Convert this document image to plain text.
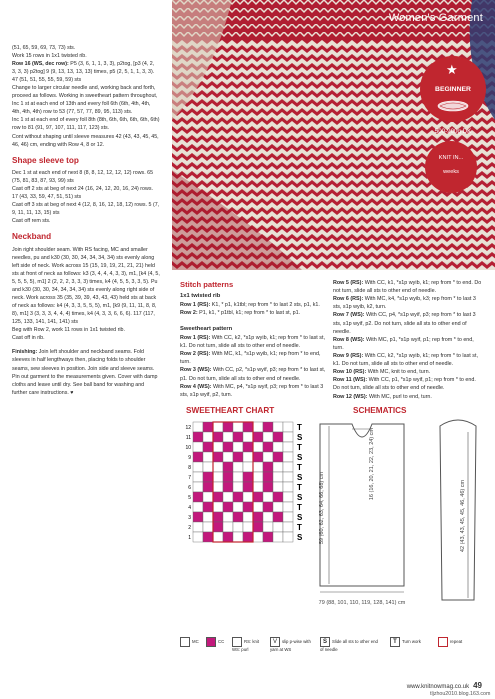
(51, 65, 59, 69, 73, 73) sts.

Work 15 rows in 1x1 twisted rib.

Row 16 (WS, dec row): P5 (3, 6, 1, 1, 3, 3), p2tog, [p3 (4, 2, 3, 3, 3) p2tog] 9 (9, 13, 13, 13, 13) times, p5 (2, 5, 1, 1, 3, 3). 47 (51, 51, 55, 55, 59, 59) sts

Change to larger circular needle and, working back and forth, proceed as follows. Working in sweetheart pattern throughout, Inc 1 st at each end of 13th and every foll 6th (6th, 4th, 4th, 4th, 4th, 4th) row to 53 (77, 57, 77, 89, 95, 113) sts.

Inc 1 st at each end of every foll 8th (8th, 6th, 6th, 6th, 6th, 6th) row to 81 (91, 97, 107, 111, 117, 123) sts.

Cont without shaping until sleeve measures 42 (43, 43, 45, 45, 46, 46) cm, ending with Row 4, 8 or 12.

Shape sleeve top

Dec 1 st at each end of next 8 (8, 8, 12, 12, 12, 12) rows. 65 (75, 81, 83, 87, 93, 99) sts
Cast off 2 sts at beg of next 24 (16, 24, 12, 20, 16, 24) rows. 17 (43, 33, 59, 47, 51, 51) sts
Cast off 3 sts at beg of next 4 (12, 8, 16, 12, 18, 12) rows. 5 (7, 9, 11, 11, 13, 15) sts
Cast off rem sts.

Neckband

Join right shoulder seam. With RS facing, MC and smaller needles, pu and k30 (30, 30, 34, 34, 34, 34) sts evenly along left side of neck. Work across 15 (15, 19, 19, 21, 21, 21) held sts at front of neck as follows: k3 (3, 4, 4, 4, 3, 3), m1, [k4 (4, 5, 5, 5, 5, 5), m1] 2 (2, 2, 2, 3, 3, 3) times, k4 (4, 5, 5, 3, 3, 5). Pu and k30 (30, 30, 34, 34, 34, 34) sts evenly along right side of neck. Work across 35 (35, 39, 39, 43, 43, 43) held sts at back of neck as follows: k4 (4, 3, 3, 5, 5, 5), m1, [k9 (9, 11, 11, 8, 8, 8), m1] 3 (3, 3, 3, 4, 4, 4) times, k4 (4, 3, 3, 6, 6, 6). 117 (117, 125, 133, 141, 141, 141) sts
Beg with Row 2, work 11 rows in 1x1 twisted rib.
Cast off in rib.

Finishing: Join left shoulder and neckband seams. Fold sleeves in half lengthways then, placing folds to shoulder seams, sew sleeves in position. Join side and sleeve seams. Pin out garment to the measurements given. Cover with damp cloths and leave until dry. See ball band for washing and further care instructions. ♥

Women's Garment
★
BEGINNER
500-900g DK
KNIT IN...
weeks
Stitch patterns
1x1 twisted rib

Row 1 (RS): K1, * p1, k1tbl; rep from * to last 2 sts, p1, k1.

Row 2: P1, k1, * p1tbl, k1; rep from * to last st, p1.

Sweetheart pattern

Row 1 (RS): With CC, k2, *s1p wyib, k1; rep from * to last st, k1. Do not turn, slide all sts to other end of needle.

Row 2 (RS): With MC, k1, *s1p wyib, k1; rep from * to end, turn.

Row 3 (WS): With CC, p2, *s1p wyif, p3; rep from * to last st, p1. Do not turn, slide all sts to other end of needle.

Row 4 (WS): With MC, p4, *s1p wyif, p3; rep from * to last 3 sts, s1p wyif, p2, turn.

Row 5 (RS): With CC, k1, *s1p wyib, k1; rep from * to end. Do not turn, slide all sts to other end of needle.

Row 6 (RS): With MC, k4, *s1p wyib, k3; rep from * to last 3 sts, s1p wyib, k2, turn.

Row 7 (WS): With CC, p4, *s1p wyif, p3; rep from * to last 3 sts, s1p wyif, p2. Do not turn, slide all sts to other end of needle.

Row 8 (WS): With MC, p1, *s1p wyif, p1; rep from * to end, turn.

Row 9 (RS): With CC, k2, *s1p wyib, k1; rep from * to last st, k1. Do not turn, slide all sts to other end of needle.

Row 10 (RS): With MC, knit to end, turn.

Row 11 (WS): With CC, p1, *s1p wyif, p1; rep from * to end. Do not turn, slide all sts to other end of needle.

Row 12 (WS): With MC, purl to end, turn.

SWEETHEART CHART
12	T
11	S
10	T
9	S
8	T
7	S
6	T
5	S
4	T
3	S
2	T
1	S
SCHEMATICS
16 (16, 20, 21, 22, 23, 24) cm
59 (60, 62, 63, 64, 66, 68) cm
79 (88, 101, 110, 119, 128, 141) cm
42 (43, 43, 45, 45, 46, 46) cm
MC	CC	RS: knit WS: purl
V slip p-wise with yarn at WS
S Slide all sts to other end of needle
T Turn work	repeat
www.knitnowmag.co.uk 49
tljzhou2010.blog.163.com
